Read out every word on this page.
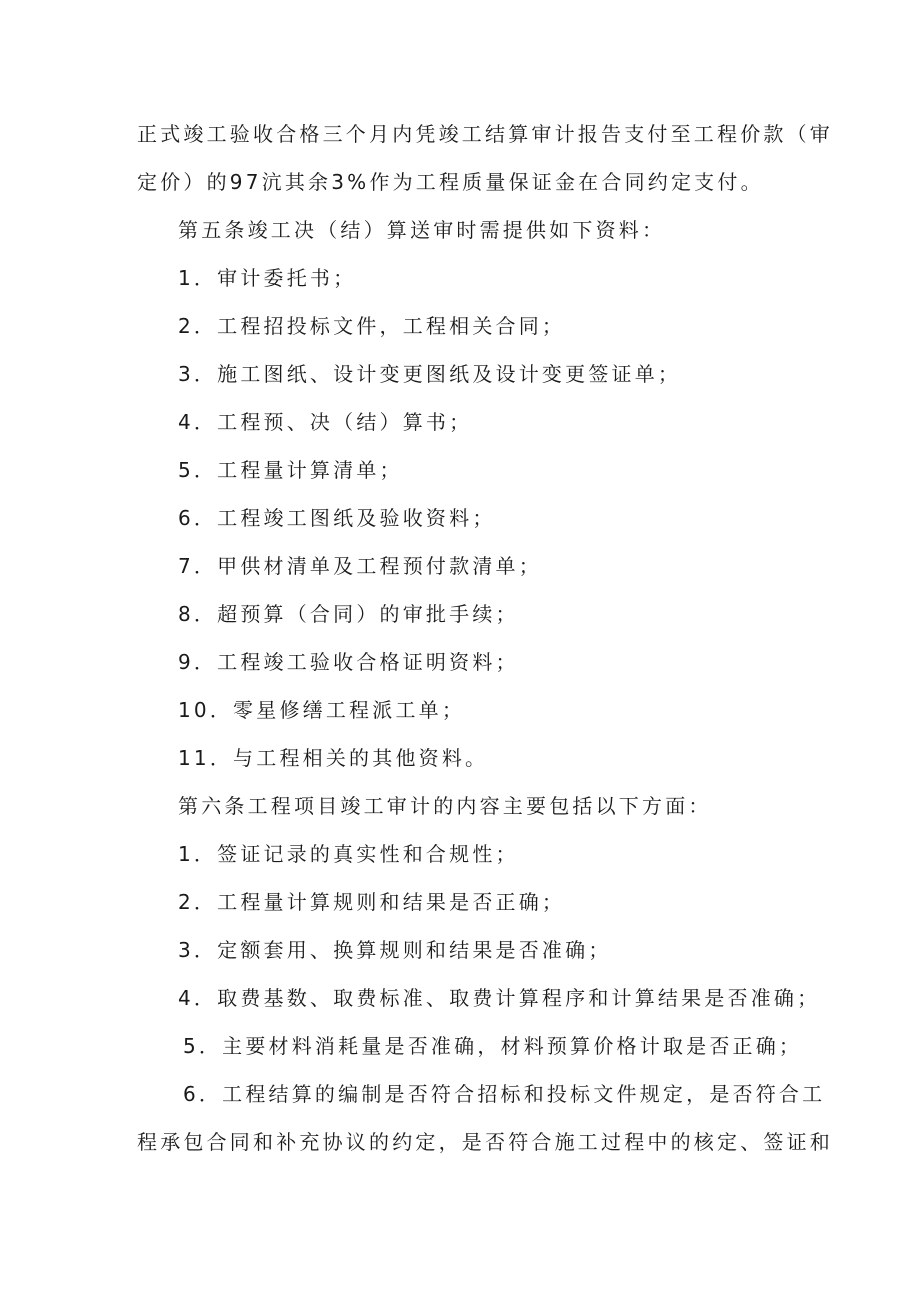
正式竣工验收合格三个月内凭竣工结算审计报告支付至工程价款（审
定价）的97沆其余3%作为工程质量保证金在合同约定支付。
第五条竣工决（结）算送审时需提供如下资料：
1．审计委托书；
2．工程招投标文件，工程相关合同；
3．施工图纸、设计变更图纸及设计变更签证单；
4．工程预、决（结）算书；
5．工程量计算清单；
6．工程竣工图纸及验收资料；
7．甲供材清单及工程预付款清单；
8．超预算（合同）的审批手续；
9．工程竣工验收合格证明资料；
10．零星修缮工程派工单；
11．与工程相关的其他资料。
第六条工程项目竣工审计的内容主要包括以下方面：
1．签证记录的真实性和合规性；
2．工程量计算规则和结果是否正确；
3．定额套用、换算规则和结果是否准确；
4．取费基数、取费标准、取费计算程序和计算结果是否准确；
5．主要材料消耗量是否准确，材料预算价格计取是否正确；
6．工程结算的编制是否符合招标和投标文件规定，是否符合工
程承包合同和补充协议的约定，是否符合施工过程中的核定、签证和
